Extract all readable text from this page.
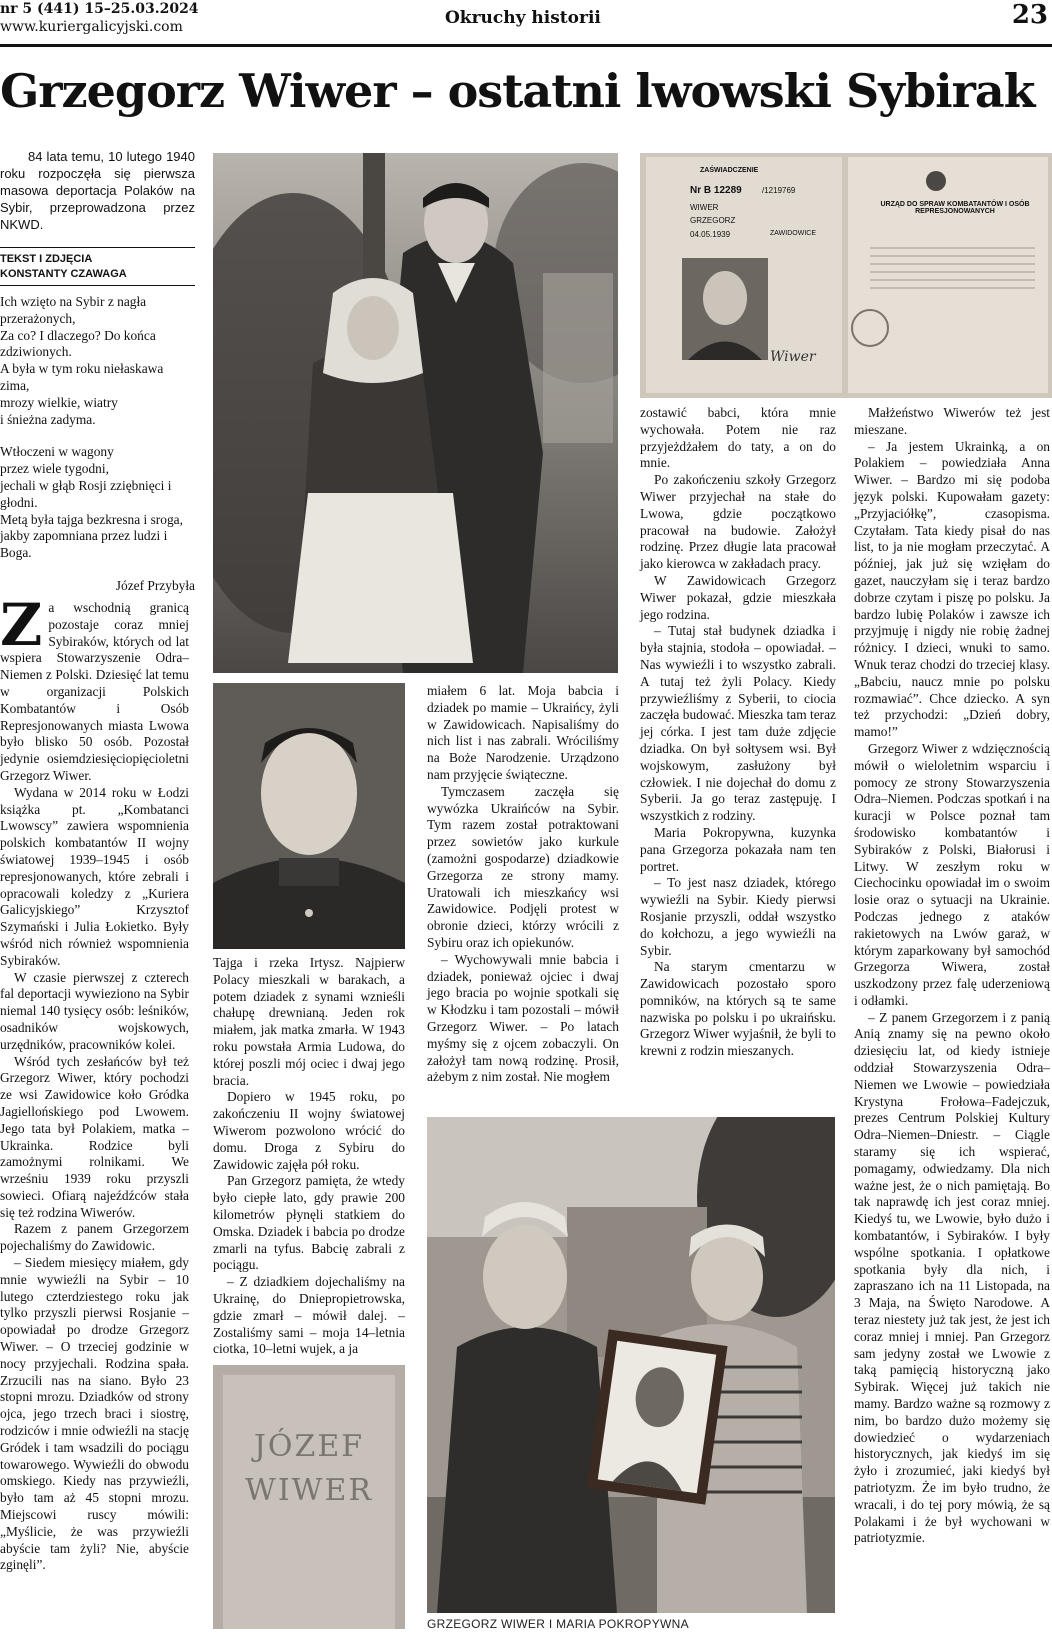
nr 5 (441) 15–25.03.2024
www.kuriergalicyjski.com	Okruchy historii	23
Grzegorz Wiwer – ostatni lwowski Sybirak

84 lata temu, 10 lutego 1940 roku rozpoczęła się pierwsza masowa deportacja Polaków na Sybir, przeprowadzona przez NKWD.

TEKST I ZDJĘCIA
KONSTANTY CZAWAGA

Ich wzięto na Sybir z nagła przerażonych,
Za co? I dlaczego? Do końca zdziwionych.
A była w tym roku niełaskawa zima,
mrozy wielkie, wiatry
i śnieżna zadyma.

Wtłoczeni w wagony
przez wiele tygodni,
jechali w głąb Rosji zziębnięci i głodni.
Metą była tajga bezkresna i sroga,
jakby zapomniana przez ludzi i Boga.

Józef Przybyła

Z a wschodnią granicą pozostaje coraz mniej Sybiraków, których od lat wspiera Stowarzyszenie Odra–Niemen z Polski. Dziesięć lat temu w organizacji Polskich Kombatantów i Osób Represjonowanych miasta Lwowa było blisko 50 osób. Pozostał jedynie osiemdziesięciopięcioletni Grzegorz Wiwer.

Wydana w 2014 roku w Łodzi książka pt. „Kombatanci Lwowscy” zawiera wspomnienia polskich kombatantów II wojny światowej 1939–1945 i osób represjonowanych, które zebrali i opracowali koledzy z „Kuriera Galicyjskiego” Krzysztof Szymański i Julia Łokietko. Były wśród nich również wspomnienia Sybiraków.

W czasie pierwszej z czterech fal deportacji wywieziono na Sybir niemal 140 tysięcy osób: leśników, osadników wojskowych, urzędników, pracowników kolei.

Wśród tych zesłańców był też Grzegorz Wiwer, który pochodzi ze wsi Zawidowice koło Gródka Jagiellońskiego pod Lwowem. Jego tata był Polakiem, matka – Ukrainka. Rodzice byli zamożnymi rolnikami. We wrześniu 1939 roku przyszli sowieci. Ofiarą najeźdźców stała się też rodzina Wiwerów.

Razem z panem Grzegorzem pojechaliśmy do Zawidowic.

– Siedem miesięcy miałem, gdy mnie wywieźli na Sybir – 10 lutego czterdziestego roku jak tylko przyszli pierwsi Rosjanie – opowiadał po drodze Grzegorz Wiwer. – O trzeciej godzinie w nocy przyjechali. Rodzina spała. Zrzucili nas na siano. Było 23 stopni mrozu. Dziadków od strony ojca, jego trzech braci i siostrę, rodziców i mnie odwieźli na stację Gródek i tam wsadzili do pociągu towarowego. Wywieźli do obwodu omskiego. Kiedy nas przywieźli, było tam aż 45 stopni mrozu. Miejscowi ruscy mówili: „Myślicie, że was przywieźli abyście tam żyli? Nie, abyście zginęli”.

JÓZEF WIWER

Tajga i rzeka Irtysz. Najpierw Polacy mieszkali w barakach, a potem dziadek z synami wznieśli chałupę drewnianą. Jeden rok miałem, jak matka zmarła. W 1943 roku powstała Armia Ludowa, do której poszli mój ociec i dwaj jego bracia.

Dopiero w 1945 roku, po zakończeniu II wojny światowej Wiwerom pozwolono wrócić do domu. Droga z Sybiru do Zawidowic zajęła pół roku.

Pan Grzegorz pamięta, że wtedy było ciepłe lato, gdy prawie 200 kilometrów płynęli statkiem do Omska. Dziadek i babcia po drodze zmarli na tyfus. Babcię zabrali z pociągu.

– Z dziadkiem dojechaliśmy na Ukrainę, do Dniepropietrowska, gdzie zmarł – mówił dalej. – Zostaliśmy sami – moja 14–letnia ciotka, 10–letni wujek, a ja

miałem 6 lat. Moja babcia i dziadek po mamie – Ukraińcy, żyli w Zawidowicach. Napisaliśmy do nich list i nas zabrali. Wróciliśmy na Boże Narodzenie. Urządzono nam przyjęcie świąteczne.

Tymczasem zaczęła się wywózka Ukraińców na Sybir. Tym razem został potraktowani przez sowietów jako kurkule (zamożni gospodarze) dziadkowie Grzegorza ze strony mamy. Uratowali ich mieszkańcy wsi Zawidowice. Podjęli protest w obronie dzieci, którzy wrócili z Sybiru oraz ich opiekunów.

– Wychowywali mnie babcia i dziadek, ponieważ ojciec i dwaj jego bracia po wojnie spotkali się w Kłodzku i tam pozostali – mówił Grzegorz Wiwer. – Po latach myśmy się z ojcem zobaczyli. On założył tam nową rodzinę. Prosił, ażebym z nim został. Nie mogłem

ZAŚWIADCZENIE
Nr B 12289	/1219769
WIWER
GRZEGORZ
04.05.1939	ZAWIDOWICE
URZĄD DO SPRAW KOMBATANTÓW I OSÓB REPRESJONOWANYCH
Wiwer

zostawić babci, która mnie wychowała. Potem nie raz przyjeżdżałem do taty, a on do mnie.

Po zakończeniu szkoły Grzegorz Wiwer przyjechał na stałe do Lwowa, gdzie początkowo pracował na budowie. Założył rodzinę. Przez długie lata pracował jako kierowca w zakładach pracy.

W Zawidowicach Grzegorz Wiwer pokazał, gdzie mieszkała jego rodzina.

– Tutaj stał budynek dziadka i była stajnia, stodoła – opowiadał. – Nas wywieźli i to wszystko zabrali. A tutaj też żyli Polacy. Kiedy przywieźliśmy z Syberii, to ciocia zaczęła budować. Mieszka tam teraz jej córka. I jest tam duże zdjęcie dziadka. On był sołtysem wsi. Był wojskowym, zasłużony był człowiek. I nie dojechał do domu z Syberii. Ja go teraz zastępuję. I wszystkich z rodziny.

Maria Pokropywna, kuzynka pana Grzegorza pokazała nam ten portret.

– To jest nasz dziadek, którego wywieźli na Sybir. Kiedy pierwsi Rosjanie przyszli, oddał wszystko do kołchozu, a jego wywieźli na Sybir.

Na starym cmentarzu w Zawidowicach pozostało sporo pomników, na których są te same nazwiska po polsku i po ukraińsku. Grzegorz Wiwer wyjaśnił, że byli to krewni z rodzin mieszanych.

Małżeństwo Wiwerów też jest mieszane.

– Ja jestem Ukrainką, a on Polakiem – powiedziała Anna Wiwer. – Bardzo mi się podoba język polski. Kupowałam gazety: „Przyjaciółkę”, czasopisma. Czytałam. Tata kiedy pisał do nas list, to ja nie mogłam przeczytać. A później, jak już się wzięłam do gazet, nauczyłam się i teraz bardzo dobrze czytam i piszę po polsku. Ja bardzo lubię Polaków i zawsze ich przyjmuję i nigdy nie robię żadnej różnicy. I dzieci, wnuki to samo. Wnuk teraz chodzi do trzeciej klasy. „Babciu, naucz mnie po polsku rozmawiać”. Chce dziecko. A syn też przychodzi: „Dzień dobry, mamo!”

Grzegorz Wiwer z wdzięcznością mówił o wieloletnim wsparciu i pomocy ze strony Stowarzyszenia Odra–Niemen. Podczas spotkań i na kuracji w Polsce poznał tam środowisko kombatantów i Sybiraków z Polski, Białorusi i Litwy. W zeszłym roku w Ciechocinku opowiadał im o swoim losie oraz o sytuacji na Ukrainie. Podczas jednego z ataków rakietowych na Lwów garaż, w którym zaparkowany był samochód Grzegorza Wiwera, został uszkodzony przez falę uderzeniową i odłamki.

– Z panem Grzegorzem i z panią Anią znamy się na pewno około dziesięciu lat, od kiedy istnieje oddział Stowarzyszenia Odra–Niemen we Lwowie – powiedziała Krystyna Frołowa–Fadejczuk, prezes Centrum Polskiej Kultury Odra–Niemen–Dniestr. – Ciągle staramy się ich wspierać, pomagamy, odwiedzamy. Dla nich ważne jest, że o nich pamiętają. Bo tak naprawdę ich jest coraz mniej. Kiedyś tu, we Lwowie, było dużo i kombatantów, i Sybiraków. I były wspólne spotkania. I opłatkowe spotkania były dla nich, i zapraszano ich na 11 Listopada, na 3 Maja, na Święto Narodowe. A teraz niestety już tak jest, że jest ich coraz mniej i mniej. Pan Grzegorz sam jedyny został we Lwowie z taką pamięcią historyczną jako Sybirak. Więcej już takich nie mamy. Bardzo ważne są rozmowy z nim, bo bardzo dużo możemy się dowiedzieć o wydarzeniach historycznych, jak kiedyś im się żyło i zrozumieć, jaki kiedyś był patriotyzm. Że im było trudno, że wracali, i do tej pory mówią, że są Polakami i że był wychowani w patriotyzmie.

GRZEGORZ WIWER I MARIA POKROPYWNA
